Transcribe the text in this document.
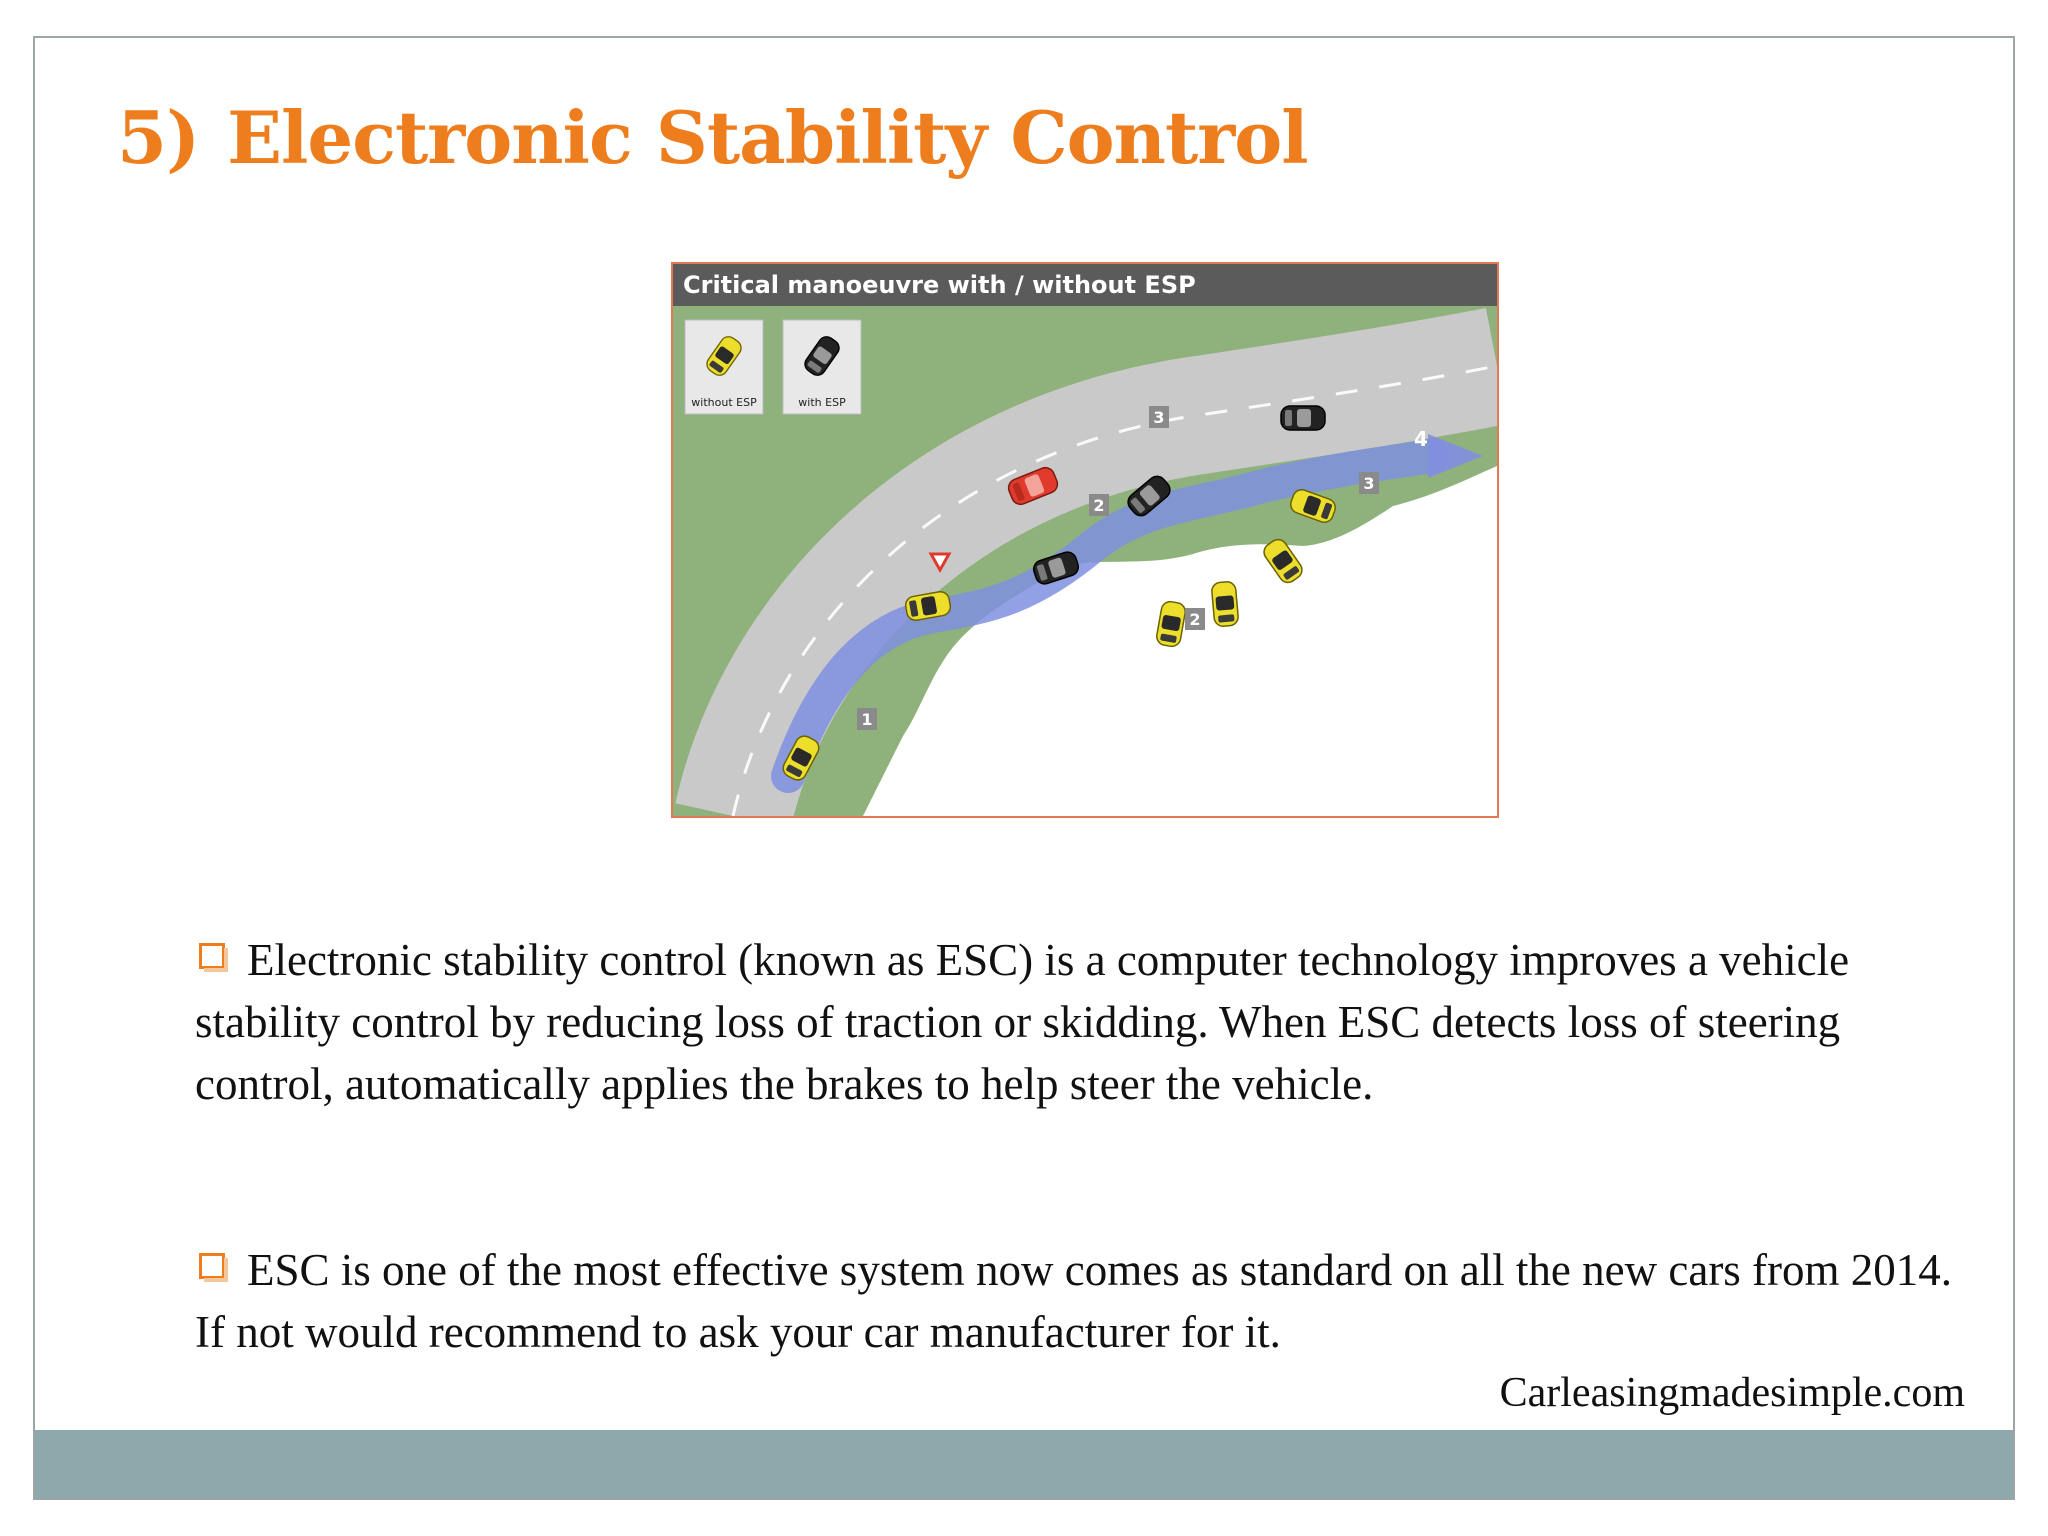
5) Electronic Stability Control
Critical manoeuvre with / without ESP
without ESP	with ESP
1
2
2
3
3
4

Electronic stability control (known as ESC) is a computer technology improves a vehicle stability control by reducing loss of traction or skidding. When ESC detects loss of steering control, automatically applies the brakes to help steer the vehicle.

ESC is one of the most effective system now comes as standard on all the new cars from 2014. If not would recommend to ask your car manufacturer for it.

Carleasingmadesimple.com
